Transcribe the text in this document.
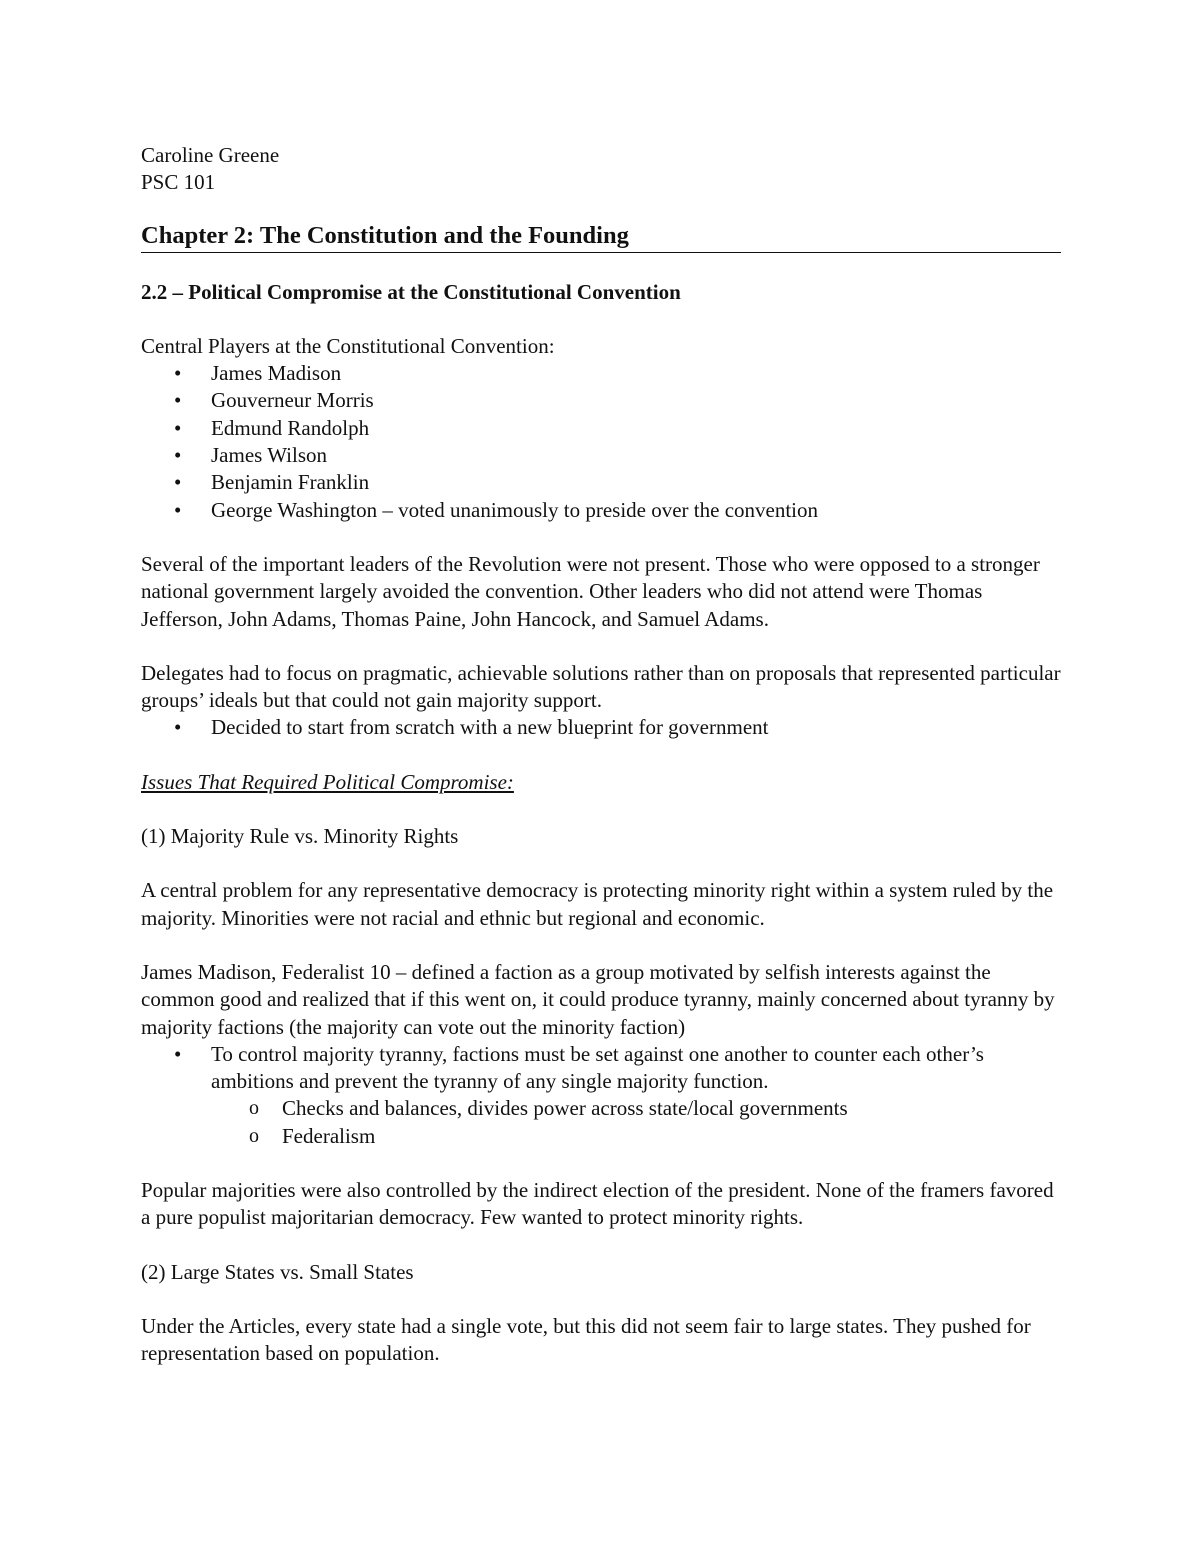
Caroline Greene

PSC 101

Chapter 2: The Constitution and the Founding

2.2 – Political Compromise at the Constitutional Convention

Central Players at the Constitutional Convention:

• James Madison
• Gouverneur Morris
• Edmund Randolph
• James Wilson
• Benjamin Franklin
• George Washington – voted unanimously to preside over the convention

Several of the important leaders of the Revolution were not present. Those who were opposed to a stronger national government largely avoided the convention. Other leaders who did not attend were Thomas Jefferson, John Adams, Thomas Paine, John Hancock, and Samuel Adams.

Delegates had to focus on pragmatic, achievable solutions rather than on proposals that represented particular groups’ ideals but that could not gain majority support.

• Decided to start from scratch with a new blueprint for government

Issues That Required Political Compromise:

(1) Majority Rule vs. Minority Rights

A central problem for any representative democracy is protecting minority right within a system ruled by the majority. Minorities were not racial and ethnic but regional and economic.

James Madison, Federalist 10 – defined a faction as a group motivated by selfish interests against the common good and realized that if this went on, it could produce tyranny, mainly concerned about tyranny by majority factions (the majority can vote out the minority faction)

• To control majority tyranny, factions must be set against one another to counter each other’s ambitions and prevent the tyranny of any single majority function.
o Checks and balances, divides power across state/local governments
o Federalism

Popular majorities were also controlled by the indirect election of the president. None of the framers favored a pure populist majoritarian democracy. Few wanted to protect minority rights.

(2) Large States vs. Small States

Under the Articles, every state had a single vote, but this did not seem fair to large states. They pushed for representation based on population.
